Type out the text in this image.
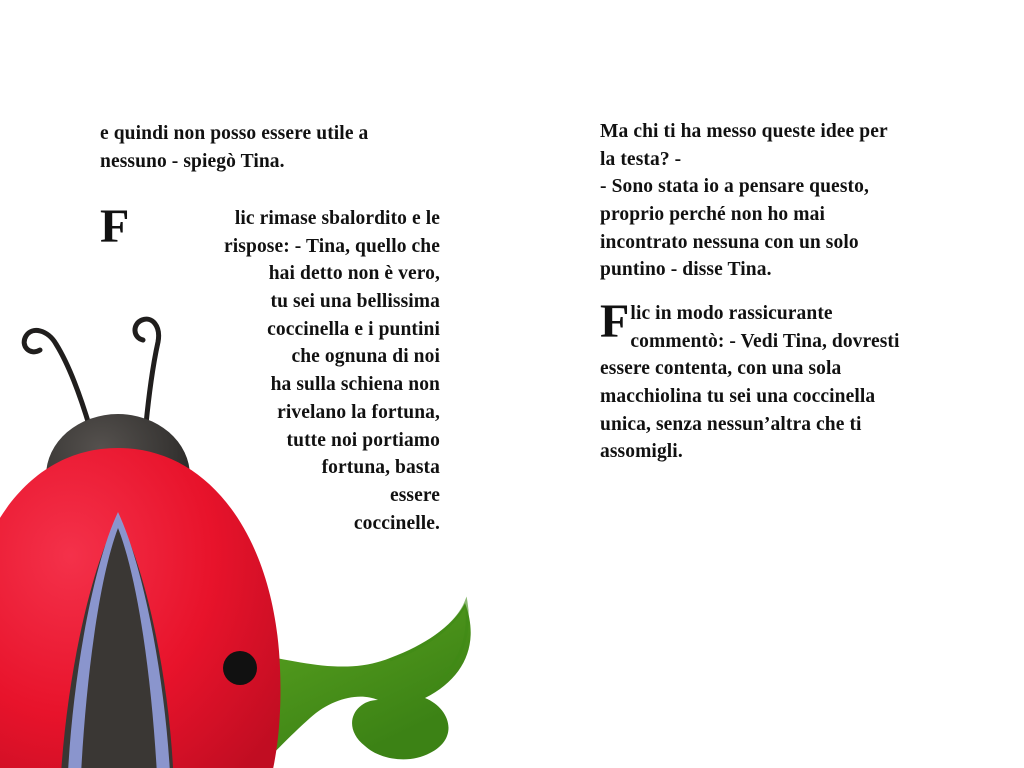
e quindi non posso essere utile a nessuno - spiegò Tina.
F	lic rimase sbalordito e le
rispose: - Tina, quello che
hai detto non è vero,
tu sei una bellissima
coccinella e i puntini
che ognuna di noi
ha sulla schiena non
rivelano la fortuna,
tutte noi portiamo
fortuna, basta
essere
coccinelle.
Ma chi ti ha messo queste idee per
la testa? -
- Sono stata io a pensare questo,
proprio perché non ho mai
incontrato nessuna con un solo
puntino - disse Tina.
F lic in modo rassicurante
commentò: - Vedi Tina, dovresti
essere contenta, con una sola
macchiolina tu sei una coccinella
unica, senza nessun’altra che ti
assomigli.
